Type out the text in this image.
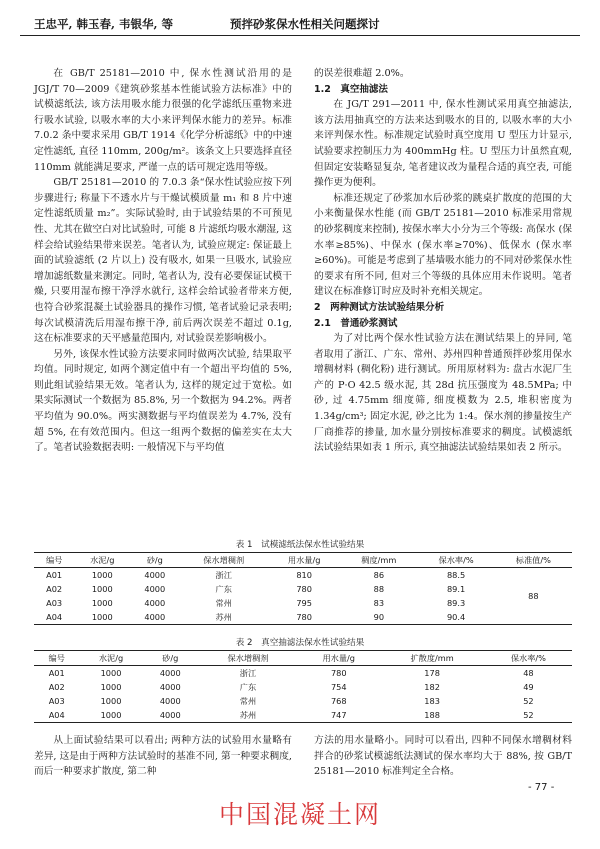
王忠平, 韩玉春, 韦银华, 等	预拌砂浆保水性相关问题探讨

在 GB/T 25181—2010 中, 保水性测试沿用的是 JGJ/T 70—2009《建筑砂浆基本性能试验方法标准》中的试模滤纸法, 该方法用吸水能力很强的化学滤纸压重物来进行吸水试验, 以吸水率的大小来评判保水能力的差异。标准 7.0.2 条中要求采用 GB/T 1914《化学分析滤纸》中的中速定性滤纸, 直径 110mm, 200g/m²。该条文上只要选择直径 110mm 就能满足要求, 严谨一点的话可规定选用等级。

GB/T 25181—2010 的 7.0.3 条“保水性试验应按下列步骤进行; 称量下不透水片与干燥试模质量 m₁ 和 8 片中速定性滤纸质量 m₂”。实际试验时, 由于试验结果的不可预见性、尤其在做空白对比试验时, 可能 8 片滤纸均吸水潮湿, 这样会给试验结果带来误差。笔者认为, 试验应规定: 保证最上面的试验滤纸 (2 片以上) 没有吸水, 如果一旦吸水, 试验应增加滤纸数量来测定。同时, 笔者认为, 没有必要保证试模干燥, 只要用湿布擦干净浮水就行, 这样会给试验者带来方便, 也符合砂浆混凝土试验器具的操作习惯, 笔者试验记录表明; 每次试模清洗后用湿布擦干净, 前后两次误差不超过 0.1g, 这在标准要求的天平感量范围内, 对试验误差影响极小。

另外, 该保水性试验方法要求同时做两次试验, 结果取平均值。同时规定, 如两个测定值中有一个超出平均值的 5%, 则此组试验结果无效。笔者认为, 这样的规定过于宽松。如果实际测试一个数据为 85.8%, 另一个数据为 94.2%。两者平均值为 90.0%。两实测数据与平均值误差为 4.7%, 没有超 5%, 在有效范围内。但这一组两个数据的偏差实在太大了。笔者试验数据表明: 一般情况下与平均值

的误差很难超 2.0%。

1.2　真空抽滤法

在 JG/T 291—2011 中, 保水性测试采用真空抽滤法, 该方法用抽真空的方法来达到吸水的目的, 以吸水率的大小来评判保水性。标准规定试验时真空度用 U 型压力计显示, 试验要求控制压力为 400mmHg 柱。U 型压力计虽然直观, 但固定安装略显复杂, 笔者建议改为量程合适的真空表, 可能操作更为便利。

标准还规定了砂浆加水后砂浆的跳桌扩散度的范围的大小来衡量保水性能 (而 GB/T 25181—2010 标准采用常规的砂浆稠度来控制), 按保水率大小分为三个等级: 高保水 (保水率≥85%)、中保水 (保水率≥70%)、低保水 (保水率≥60%)。可能是考虑到了基墙吸水能力的不同对砂浆保水性的要求有所不同, 但对三个等级的具体应用未作说明。笔者建议在标准修订时应及时补充相关规定。

2　两种测试方法试验结果分析

2.1　普通砂浆测试

为了对比两个保水性试验方法在测试结果上的异同, 笔者取用了浙江、广东、常州、苏州四种普通预拌砂浆用保水增稠材料 (稠化粉) 进行测试。所用原材料为: 盘古水泥厂生产的 P·O 42.5 级水泥, 其 28d 抗压强度为 48.5MPa; 中砂, 过 4.75mm 细度筛, 细度模数为 2.5, 堆积密度为 1.34g/cm³; 固定水泥, 砂之比为 1:4。保水剂的掺量按生产厂商推荐的掺量, 加水量分别按标准要求的稠度。试模滤纸法试验结果如表 1 所示, 真空抽滤法试验结果如表 2 所示。

表 1　试模滤纸法保水性试验结果
编号	水泥/g	砂/g	保水增稠剂	用水量/g	稠度/mm	保水率/%	标准值/%
A01	1000	4000	浙江	810	86	88.5	88
A02	1000	4000	广东	780	88	89.1	
A03	1000	4000	常州	795	83	89.3	
A04	1000	4000	苏州	780	90	90.4	
表 2　真空抽滤法保水性试验结果
编号	水泥/g	砂/g	保水增稠剂	用水量/g	扩散度/mm	保水率/%
A01	1000	4000	浙江	780	178	48
A02	1000	4000	广东	754	182	49
A03	1000	4000	常州	768	183	52
A04	1000	4000	苏州	747	188	52

从上面试验结果可以看出; 两种方法的试验用水量略有差异, 这是由于两种方法试验时的基准不同, 第一种要求稠度, 而后一种要求扩散度, 第二种

方法的用水量略小。同时可以看出, 四种不同保水增稠材料拌合的砂浆试模滤纸法测试的保水率均大于 88%, 按 GB/T 25181—2010 标准判定全合格。

- 77 -
中国混凝土网
